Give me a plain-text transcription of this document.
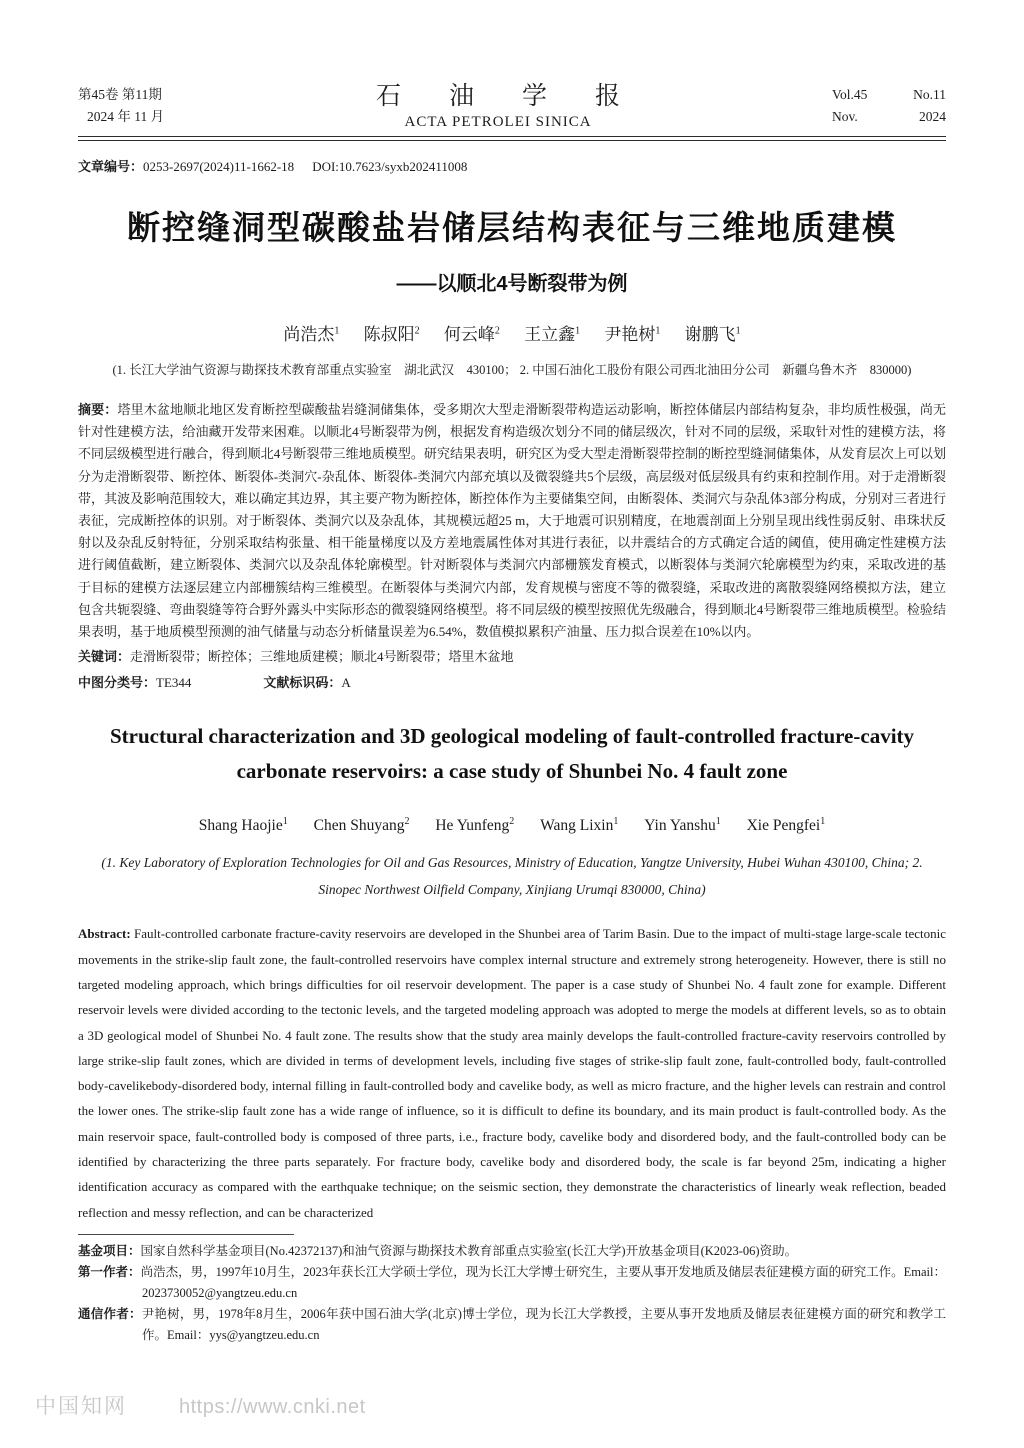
第45卷 第11期
2024 年 11 月
石油学报
ACTA PETROLEI SINICA
Vol.45	No.11
Nov.	2024
文章编号：0253-2697(2024)11-1662-18 DOI:10.7623/syxb202411008
断控缝洞型碳酸盐岩储层结构表征与三维地质建模
——以顺北4号断裂带为例
尚浩杰$^1$ 陈叔阳$^2$ 何云峰$^2$ 王立鑫$^1$ 尹艳树$^1$ 谢鹏飞$^1$
(1. 长江大学油气资源与勘探技术教育部重点实验室　湖北武汉　430100； 2. 中国石油化工股份有限公司西北油田分公司　新疆乌鲁木齐　830000)

摘要：塔里木盆地顺北地区发育断控型碳酸盐岩缝洞储集体，受多期次大型走滑断裂带构造运动影响，断控体储层内部结构复杂，非均质性极强，尚无针对性建模方法，给油藏开发带来困难。以顺北4号断裂带为例，根据发育构造级次划分不同的储层级次，针对不同的层级，采取针对性的建模方法，将不同层级模型进行融合，得到顺北4号断裂带三维地质模型。研究结果表明，研究区为受大型走滑断裂带控制的断控型缝洞储集体，从发育层次上可以划分为走滑断裂带、断控体、断裂体-类洞穴-杂乱体、断裂体-类洞穴内部充填以及微裂缝共5个层级，高层级对低层级具有约束和控制作用。对于走滑断裂带，其波及影响范围较大，难以确定其边界，其主要产物为断控体，断控体作为主要储集空间，由断裂体、类洞穴与杂乱体3部分构成，分别对三者进行表征，完成断控体的识别。对于断裂体、类洞穴以及杂乱体，其规模远超25 m，大于地震可识别精度，在地震剖面上分别呈现出线性弱反射、串珠状反射以及杂乱反射特征，分别采取结构张量、相干能量梯度以及方差地震属性体对其进行表征，以井震结合的方式确定合适的阈值，使用确定性建模方法进行阈值截断，建立断裂体、类洞穴以及杂乱体轮廓模型。针对断裂体与类洞穴内部栅簇发育模式，以断裂体与类洞穴轮廓模型为约束，采取改进的基于目标的建模方法逐层建立内部栅簇结构三维模型。在断裂体与类洞穴内部，发育规模与密度不等的微裂缝，采取改进的离散裂缝网络模拟方法，建立包含共轭裂缝、弯曲裂缝等符合野外露头中实际形态的微裂缝网络模型。将不同层级的模型按照优先级融合，得到顺北4号断裂带三维地质模型。检验结果表明，基于地质模型预测的油气储量与动态分析储量误差为6.54%，数值模拟累积产油量、压力拟合误差在10%以内。

关键词：走滑断裂带；断控体；三维地质建模；顺北4号断裂带；塔里木盆地
中图分类号：TE344	文献标识码：A
Structural characterization and 3D geological modeling of fault-controlled fracture-cavity carbonate reservoirs: a case study of Shunbei No. 4 fault zone
Shang Haojie$^1$ Chen Shuyang$^2$ He Yunfeng$^2$ Wang Lixin$^1$ Yin Yanshu$^1$ Xie Pengfei$^1$
(1. Key Laboratory of Exploration Technologies for Oil and Gas Resources, Ministry of Education, Yangtze University, Hubei Wuhan 430100, China; 2. Sinopec Northwest Oilfield Company, Xinjiang Urumqi 830000, China)

Abstract: Fault-controlled carbonate fracture-cavity reservoirs are developed in the Shunbei area of Tarim Basin. Due to the impact of multi-stage large-scale tectonic movements in the strike-slip fault zone, the fault-controlled reservoirs have complex internal structure and extremely strong heterogeneity. However, there is still no targeted modeling approach, which brings difficulties for oil reservoir development. The paper is a case study of Shunbei No. 4 fault zone for example. Different reservoir levels were divided according to the tectonic levels, and the targeted modeling approach was adopted to merge the models at different levels, so as to obtain a 3D geological model of Shunbei No. 4 fault zone. The results show that the study area mainly develops the fault-controlled fracture-cavity reservoirs controlled by large strike-slip fault zones, which are divided in terms of development levels, including five stages of strike-slip fault zone, fault-controlled body, fault-controlled body-cavelikebody-disordered body, internal filling in fault-controlled body and cavelike body, as well as micro fracture, and the higher levels can restrain and control the lower ones. The strike-slip fault zone has a wide range of influence, so it is difficult to define its boundary, and its main product is fault-controlled body. As the main reservoir space, fault-controlled body is composed of three parts, i.e., fracture body, cavelike body and disordered body, and the fault-controlled body can be identified by characterizing the three parts separately. For fracture body, cavelike body and disordered body, the scale is far beyond 25m, indicating a higher identification accuracy as compared with the earthquake technique; on the seismic section, they demonstrate the characteristics of linearly weak reflection, beaded reflection and messy reflection, and can be characterized

基金项目：国家自然科学基金项目(No.42372137)和油气资源与勘探技术教育部重点实验室(长江大学)开放基金项目(K2023-06)资助。
第一作者：尚浩杰，男，1997年10月生，2023年获长江大学硕士学位，现为长江大学博士研究生，主要从事开发地质及储层表征建模方面的研究工作。Email：2023730052@yangtzeu.edu.cn
通信作者：尹艳树，男，1978年8月生，2006年获中国石油大学(北京)博士学位，现为长江大学教授，主要从事开发地质及储层表征建模方面的研究和教学工作。Email：yys@yangtzeu.edu.cn
中国知网	https://www.cnki.net
